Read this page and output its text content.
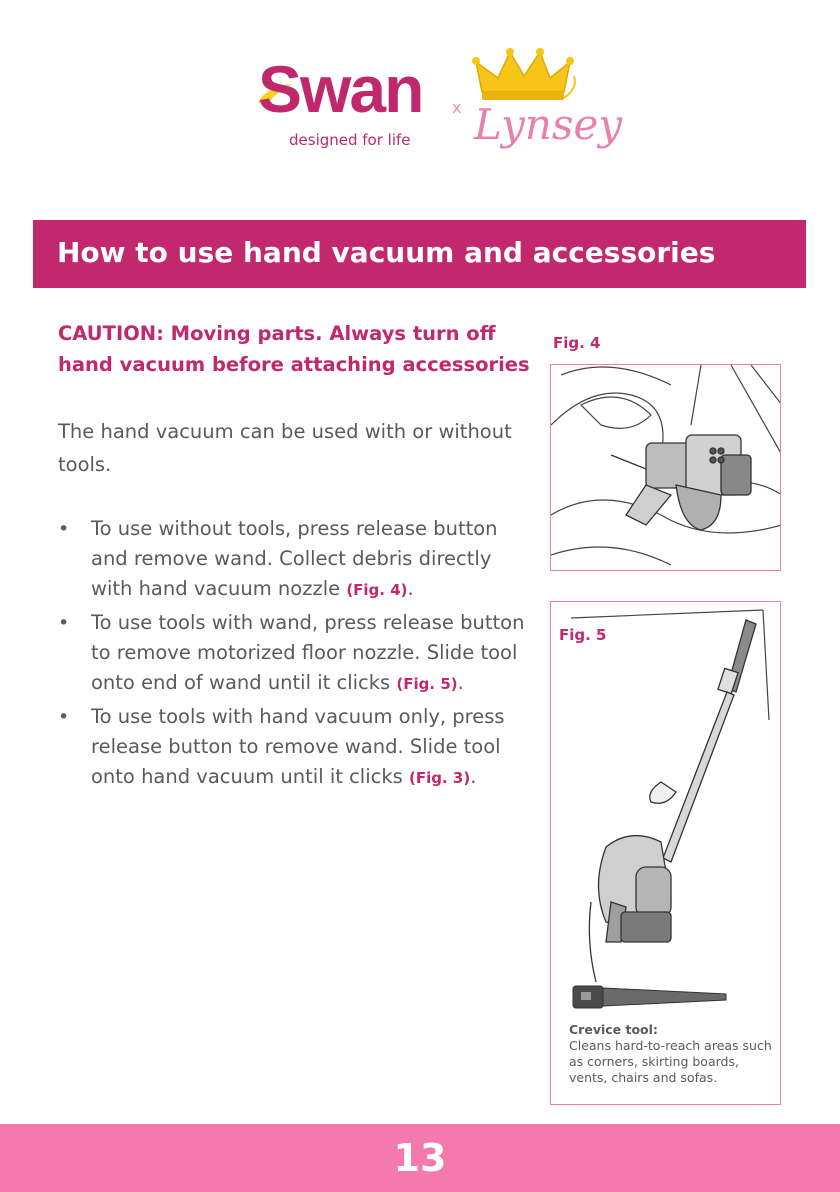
Swan
designed for life
x Lynsey
How to use hand vacuum and accessories
CAUTION: Moving parts. Always turn off hand vacuum before attaching accessories
The hand vacuum can be used with or without tools.
• To use without tools, press release button and remove wand. Collect debris directly with hand vacuum nozzle (Fig. 4).
• To use tools with wand, press release button to remove motorized floor nozzle. Slide tool onto end of wand until it clicks (Fig. 5).
• To use tools with hand vacuum only, press release button to remove wand. Slide tool onto hand vacuum until it clicks (Fig. 3).
Fig. 4
Fig. 5
Crevice tool:
Cleans hard-to-reach areas such as corners, skirting boards, vents, chairs and sofas.
13
